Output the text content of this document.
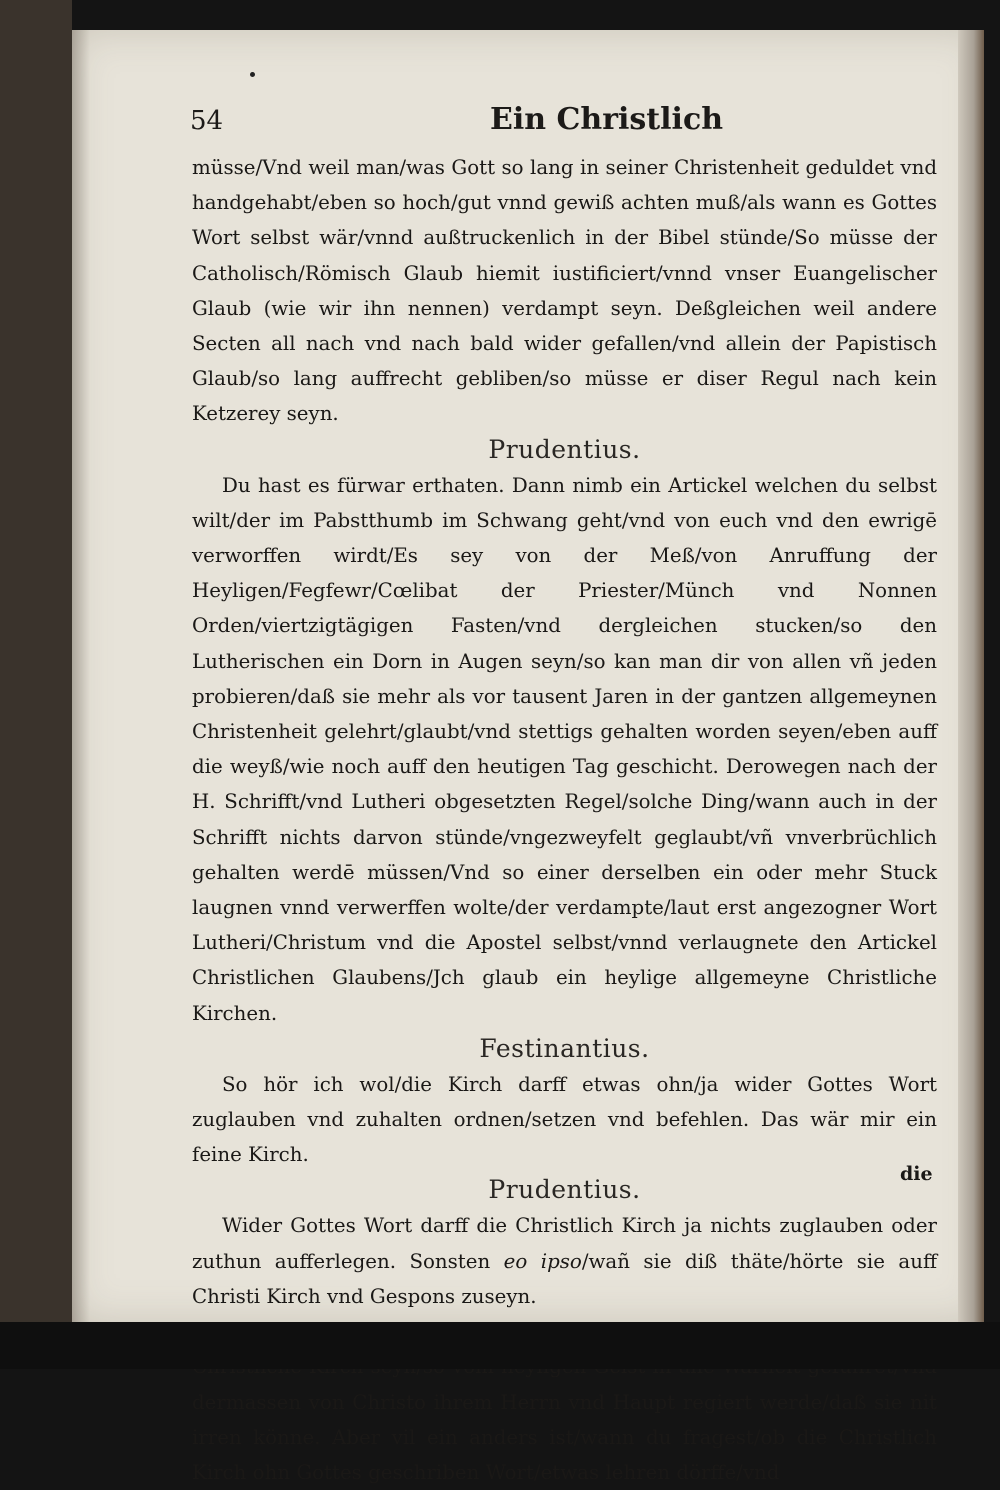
54	Ein Christlich
müsse/Vnd weil man/was Gott so lang in seiner Christenheit geduldet vnd handgehabt/eben so hoch/gut vnnd gewiß achten muß/als wann es Gottes Wort selbst wär/vnnd außtruckenlich in der Bibel stünde/So müsse der Catholisch/Römisch Glaub hiemit iustificiert/vnnd vnser Euangelischer Glaub (wie wir ihn nennen) verdampt seyn. Deßgleichen weil andere Secten all nach vnd nach bald wider gefallen/vnd allein der Papistisch Glaub/so lang auffrecht gebliben/so müsse er diser Regul nach kein Ketzerey seyn.
Prudentius.
Du hast es fürwar erthaten. Dann nimb ein Artickel welchen du selbst wilt/der im Pabstthumb im Schwang geht/vnd von euch vnd den ewrigē verworffen wirdt/Es sey von der Meß/von Anruffung der Heyligen/Fegfewr/Cœlibat der Priester/Münch vnd Nonnen Orden/viertzigtägigen Fasten/vnd dergleichen stucken/so den Lutherischen ein Dorn in Augen seyn/so kan man dir von allen vñ jeden probieren/daß sie mehr als vor tausent Jaren in der gantzen allgemeynen Christenheit gelehrt/glaubt/vnd stettigs gehalten worden seyen/eben auff die weyß/wie noch auff den heutigen Tag geschicht. Derowegen nach der H. Schrifft/vnd Lutheri obgesetzten Regel/solche Ding/wann auch in der Schrifft nichts darvon stünde/vngezweyfelt geglaubt/vñ vnverbrüchlich gehalten werdē müssen/Vnd so einer derselben ein oder mehr Stuck laugnen vnnd verwerffen wolte/der verdampte/laut erst angezogner Wort Lutheri/Christum vnd die Apostel selbst/vnnd verlaugnete den Artickel Christlichen Glaubens/Jch glaub ein heylige allgemeyne Christliche Kirchen.
Festinantius.
So hör ich wol/die Kirch darff etwas ohn/ja wider Gottes Wort zuglauben vnd zuhalten ordnen/setzen vnd befehlen. Das wär mir ein feine Kirch.
Prudentius.
Wider Gottes Wort darff die Christlich Kirch ja nichts zuglauben oder zuthun aufferlegen. Sonsten eo ipso/wañ sie diß thäte/hörte sie auff Christi Kirch vnd Gespons zuseyn.
dermassen von Christo ihrem Herrn vnd Haupt regiert werde/daß sie nit irren könne. Aber vil ein anders ist/wann du fragest/ob die Christlich Kirch ohn Gottes geschriben Wort/etwas lehren dörffe/vnd
die
